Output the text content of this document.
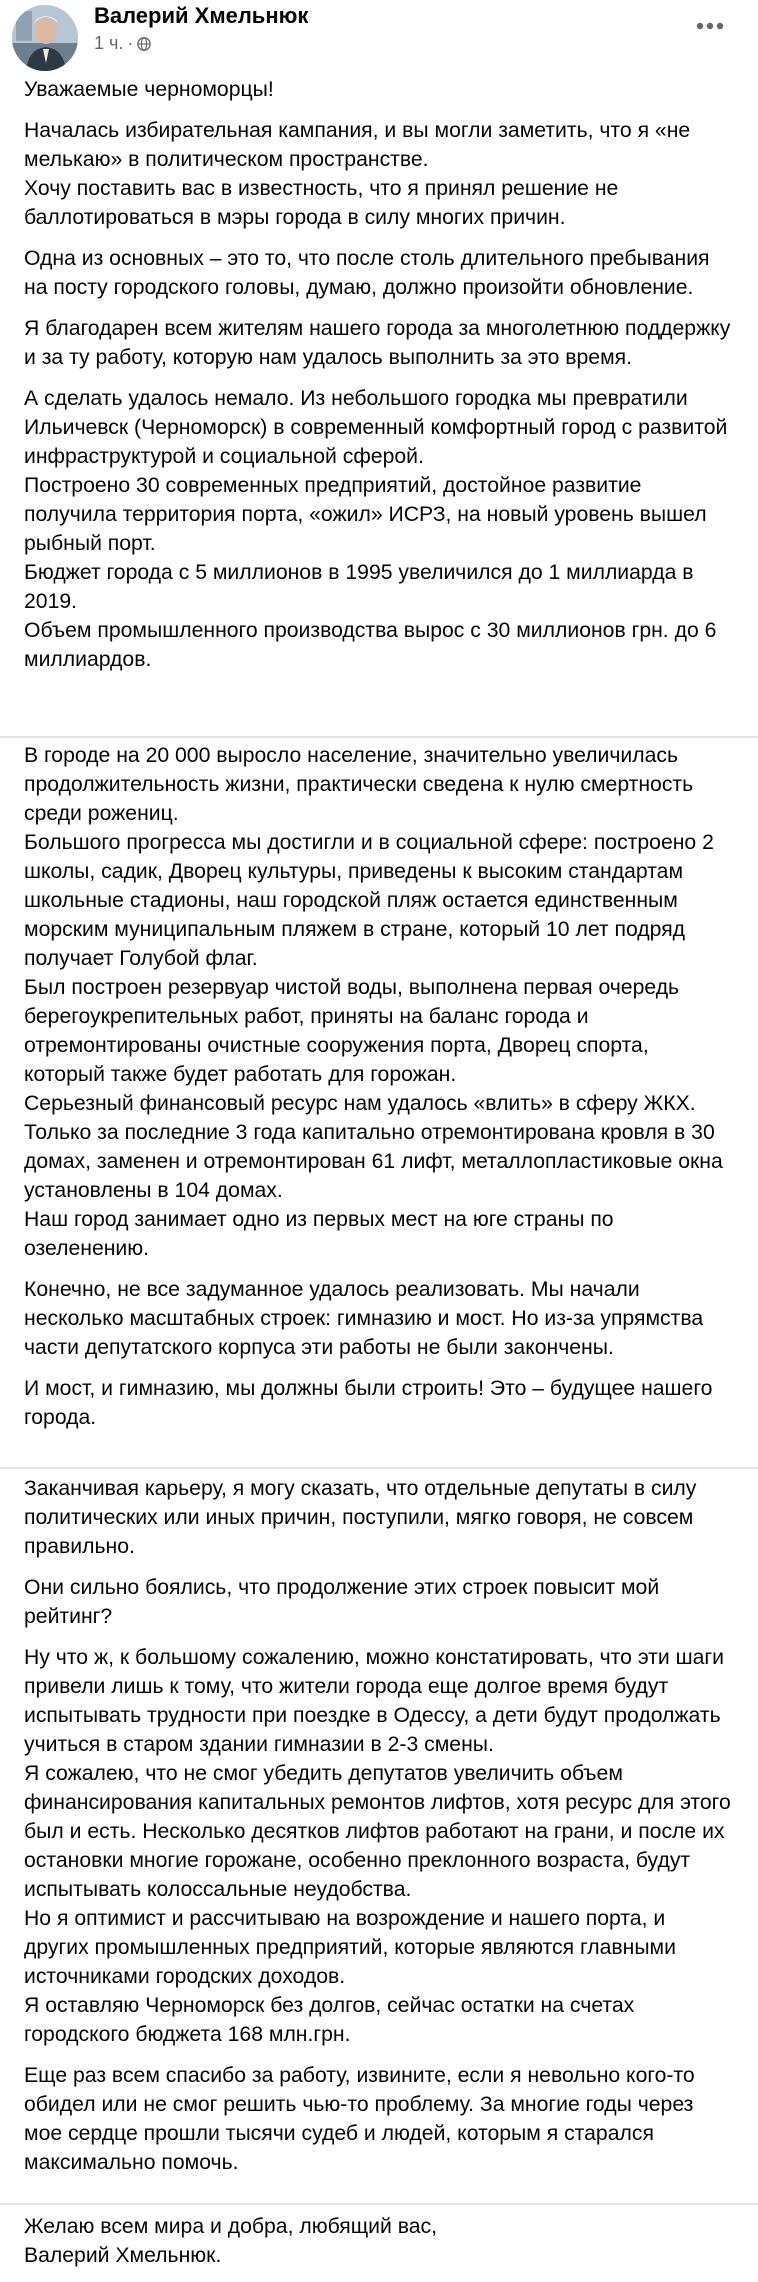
Валерий Хмельнюк
1 ч. ·

Уважаемые черноморцы!

Началась избирательная кампания, и вы могли заметить, что я «не мелькаю» в политическом пространстве.
Хочу поставить вас в известность, что я принял решение не баллотироваться в мэры города в силу многих причин.

Одна из основных – это то, что после столь длительного пребывания на посту городского головы, думаю, должно произойти обновление.

Я благодарен всем жителям нашего города за многолетнюю поддержку и за ту работу, которую нам удалось выполнить за это время.

А сделать удалось немало. Из небольшого городка мы превратили Ильичевск (Черноморск) в современный комфортный город с развитой инфраструктурой и социальной сферой.
Построено 30 современных предприятий, достойное развитие получила территория порта, «ожил» ИСРЗ, на новый уровень вышел рыбный порт.
Бюджет города с 5 миллионов в 1995 увеличился до 1 миллиарда в 2019.
Объем промышленного производства вырос с 30 миллионов грн. до 6 миллиардов.

В городе на 20 000 выросло население, значительно увеличилась продолжительность жизни, практически сведена к нулю смертность среди рожениц.
Большого прогресса мы достигли и в социальной сфере: построено 2 школы, садик, Дворец культуры, приведены к высоким стандартам школьные стадионы, наш городской пляж остается единственным морским муниципальным пляжем в стране, который 10 лет подряд получает Голубой флаг.
Был построен резервуар чистой воды, выполнена первая очередь берегоукрепительных работ, приняты на баланс города и отремонтированы очистные сооружения порта, Дворец спорта, который также будет работать для горожан.
Серьезный финансовый ресурс нам удалось «влить» в сферу ЖКХ.
Только за последние 3 года капитально отремонтирована кровля в 30 домах, заменен и отремонтирован 61 лифт, металлопластиковые окна установлены в 104 домах.
Наш город занимает одно из первых мест на юге страны по озеленению.

Конечно, не все задуманное удалось реализовать. Мы начали несколько масштабных строек: гимназию и мост. Но из-за упрямства части депутатского корпуса эти работы не были закончены.

И мост, и гимназию, мы должны были строить! Это – будущее нашего города.

Заканчивая карьеру, я могу сказать, что отдельные депутаты в силу политических или иных причин, поступили, мягко говоря, не совсем правильно.

Они сильно боялись, что продолжение этих строек повысит мой рейтинг?

Ну что ж, к большому сожалению, можно констатировать, что эти шаги привели лишь к тому, что жители города еще долгое время будут испытывать трудности при поездке в Одессу, а дети будут продолжать учиться в старом здании гимназии в 2-3 смены.
Я сожалею, что не смог убедить депутатов увеличить объем финансирования капитальных ремонтов лифтов, хотя ресурс для этого был и есть. Несколько десятков лифтов работают на грани, и после их остановки многие горожане, особенно преклонного возраста, будут испытывать колоссальные неудобства.
Но я оптимист и рассчитываю на возрождение и нашего порта, и других промышленных предприятий, которые являются главными источниками городских доходов.
Я оставляю Черноморск без долгов, сейчас остатки на счетах городского бюджета 168 млн.грн.

Еще раз всем спасибо за работу, извините, если я невольно кого-то обидел или не смог решить чью-то проблему. За многие годы через мое сердце прошли тысячи судеб и людей, которым я старался максимально помочь.

Желаю всем мира и добра, любящий вас,
Валерий Хмельнюк.
